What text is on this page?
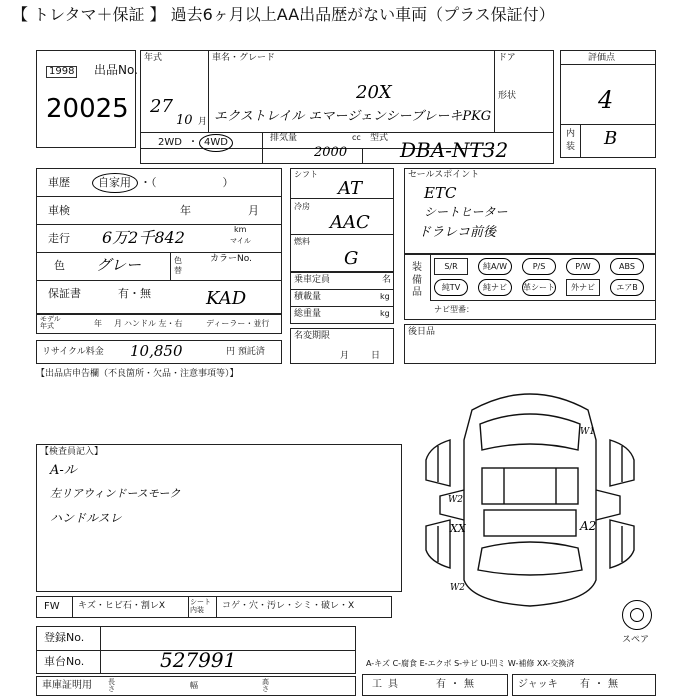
【 トレタマ＋保証 】 過去6ヶ月以上AA出品歴がない車両（プラス保証付）
1998 出品No.
20025
年式
27
10 月
車名・グレード
20X
エクストレイル エマージェンシーブレーキPKG
ドア
形状
2WD ・ 4WD	排気量	cc
2000
型式 DBA-NT32
評価点
4
内装 B
車歴	自家用 ・（　　　　　　）
車検	年	月
走行 6万2千842	km
マイル
色 グレー	色替
カラーNo.
KAD
保証書	有・無
モデル年式	年 月 ハンドル 左・右	ディーラー・並行
リサイクル料金 10,850	円 預託済
シフト
AT
冷房
AAC
燃料
G
乗車定員	名
積載量	kg
総重量	kg
名変期限
月日
セールスポイント
ETC
シートヒーター
ドラレコ前後
装備品
S/R	純A/W	P/S	P/W	ABS
純TV	純ナビ	革シート	外ナビ	エアB
ナビ型番：
後日品
【出品店申告欄（不良箇所・欠品・注意事項等）】
【検査員記入】
A-ル
左リアウィンドースモーク
ハンドルスレ
W1
W2
XX	A2
W2
スペア
FW キズ・ヒビ石・割レX	シート内装	コゲ・穴・汚レ・シミ・破レ・X
登録No.
車台No.	527991	A-キズ C-腐食 E-エクボ S-サビ U-凹ミ W-補修 XX-交換済
車庫証明用 長さ	幅	高さ	工具	有・無	ジャッキ 有・無
